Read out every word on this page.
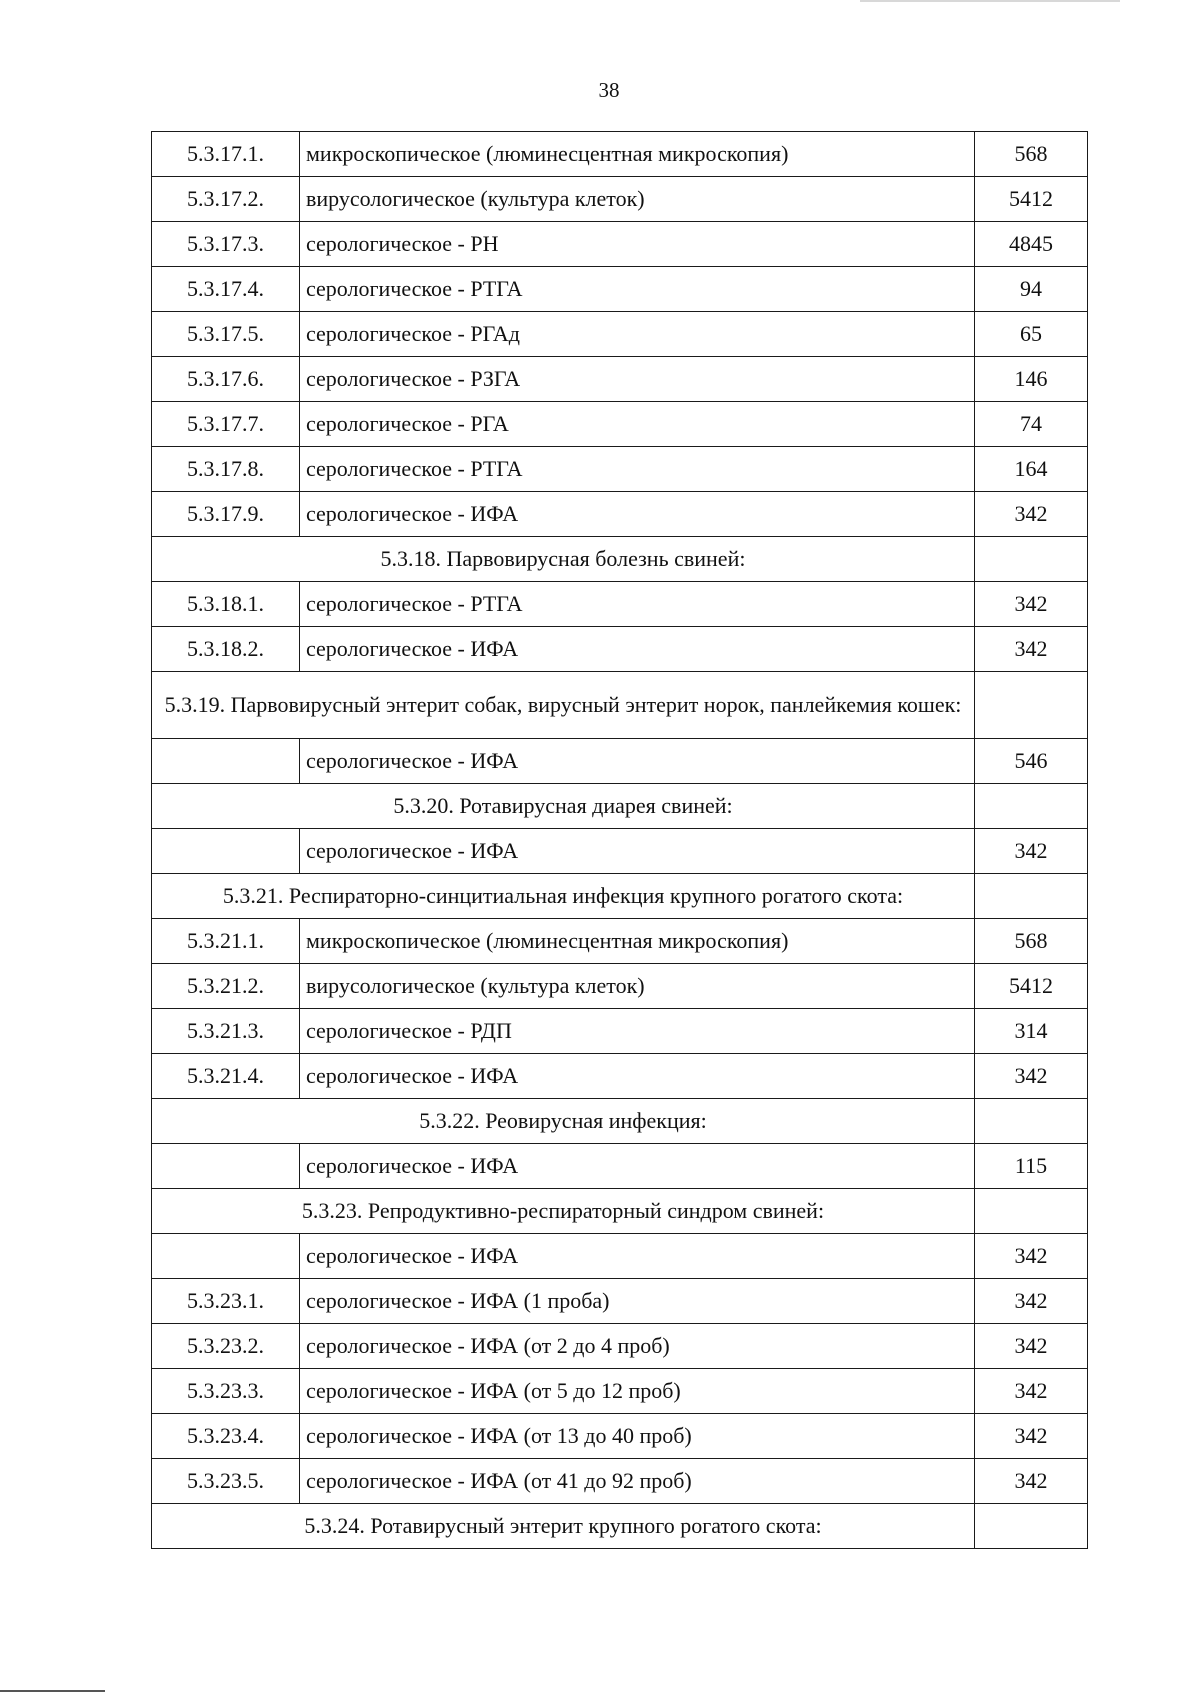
38
5.3.17.1.	микроскопическое (люминесцентная микроскопия)	568
5.3.17.2.	вирусологическое (культура клеток)	5412
5.3.17.3.	серологическое - РН	4845
5.3.17.4.	серологическое - РТГА	94
5.3.17.5.	серологическое - РГАд	65
5.3.17.6.	серологическое - РЗГА	146
5.3.17.7.	серологическое - РГА	74
5.3.17.8.	серологическое - РТГА	164
5.3.17.9.	серологическое - ИФА	342
5.3.18. Парвовирусная болезнь свиней:		
5.3.18.1.	серологическое - РТГА	342
5.3.18.2.	серологическое - ИФА	342
5.3.19. Парвовирусный энтерит собак, вирусный энтерит норок, панлейкемия кошек:		
	серологическое - ИФА	546
5.3.20. Ротавирусная диарея свиней:		
	серологическое - ИФА	342
5.3.21. Респираторно-синцитиальная инфекция крупного рогатого скота:		
5.3.21.1.	микроскопическое (люминесцентная микроскопия)	568
5.3.21.2.	вирусологическое (культура клеток)	5412
5.3.21.3.	серологическое - РДП	314
5.3.21.4.	серологическое - ИФА	342
5.3.22. Реовирусная инфекция:		
	серологическое - ИФА	115
5.3.23. Репродуктивно-респираторный синдром свиней:		
	серологическое - ИФА	342
5.3.23.1.	серологическое - ИФА (1 проба)	342
5.3.23.2.	серологическое - ИФА (от 2 до 4 проб)	342
5.3.23.3.	серологическое - ИФА (от 5 до 12 проб)	342
5.3.23.4.	серологическое - ИФА (от 13 до 40 проб)	342
5.3.23.5.	серологическое - ИФА (от 41 до 92 проб)	342
5.3.24. Ротавирусный энтерит крупного рогатого скота:		
